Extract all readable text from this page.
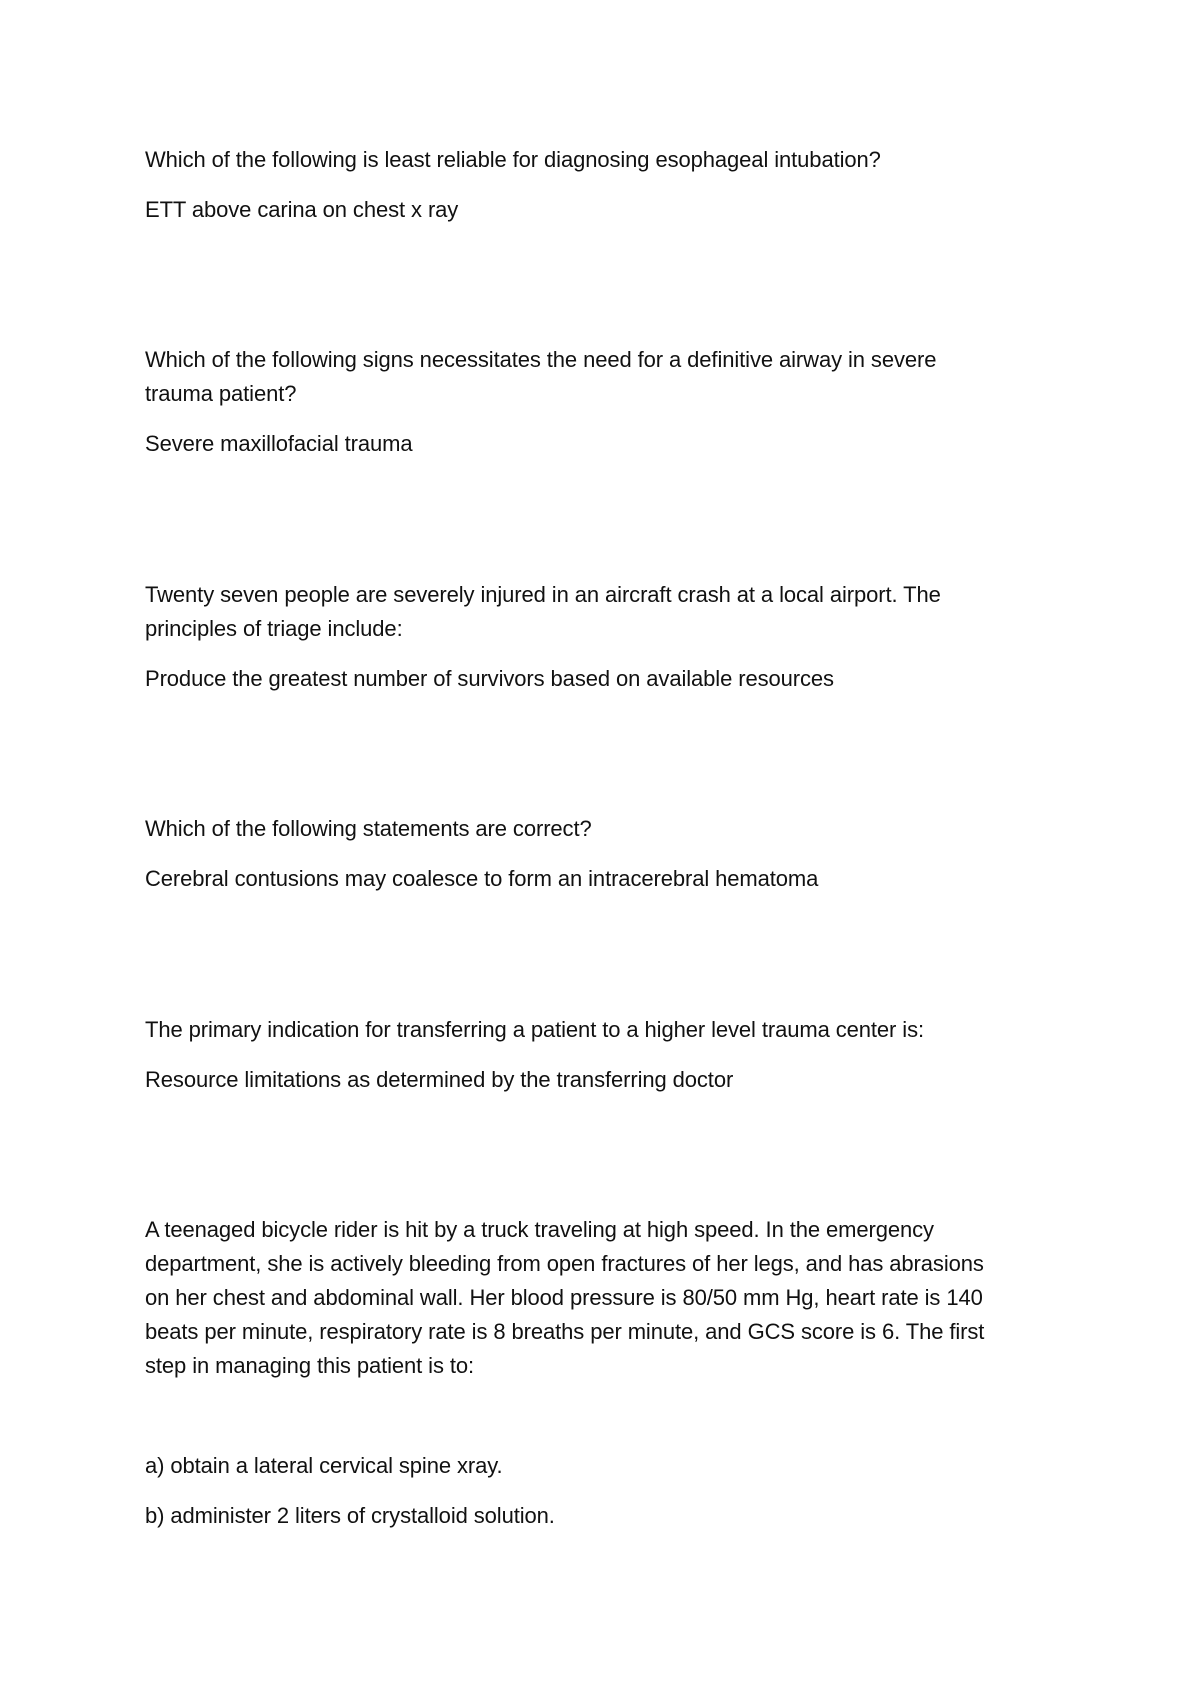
Which of the following is least reliable for diagnosing esophageal intubation?
ETT above carina on chest x ray
Which of the following signs necessitates the need for a definitive airway in severe
trauma patient?
Severe maxillofacial trauma
Twenty seven people are severely injured in an aircraft crash at a local airport. The
principles of triage include:
Produce the greatest number of survivors based on available resources
Which of the following statements are correct?
Cerebral contusions may coalesce to form an intracerebral hematoma
The primary indication for transferring a patient to a higher level trauma center is:
Resource limitations as determined by the transferring doctor
A teenaged bicycle rider is hit by a truck traveling at high speed. In the emergency
department, she is actively bleeding from open fractures of her legs, and has abrasions
on her chest and abdominal wall. Her blood pressure is 80/50 mm Hg, heart rate is 140
beats per minute, respiratory rate is 8 breaths per minute, and GCS score is 6. The first
step in managing this patient is to:
a) obtain a lateral cervical spine xray.
b) administer 2 liters of crystalloid solution.
